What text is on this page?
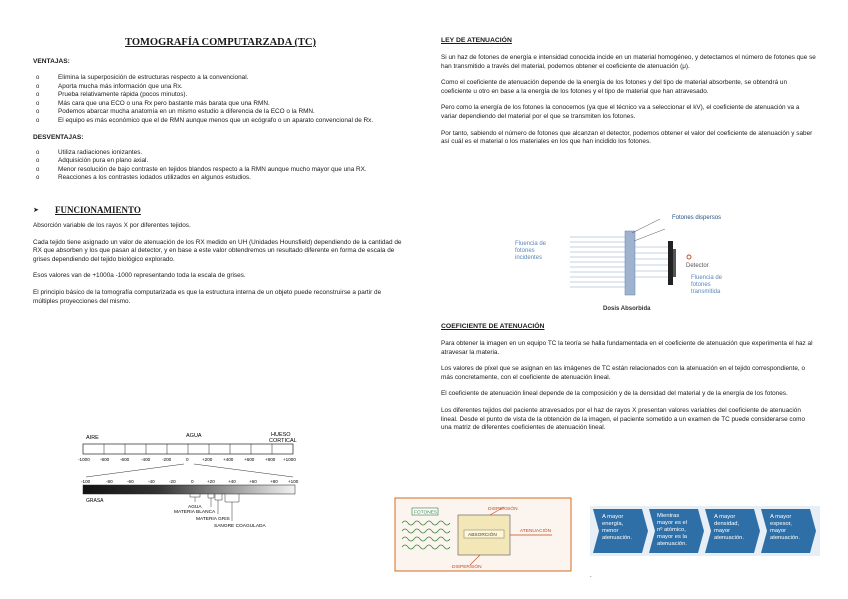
TOMOGRAFÍA COMPUTARZADA (TC)

VENTAJAS:

o Elimina la superposición de estructuras respecto a la convencional.
o Aporta mucha más información que una Rx.
o Prueba relativamente rápida (pocos minutos).
o Más cara que una ECO o una Rx pero bastante más barata que una RMN.
o Podemos abarcar mucha anatomía en un mismo estudio a diferencia de la ECO o la RMN.
o El equipo es más económico que el de RMN aunque menos que un ecógrafo o un aparato convencional de Rx.

DESVENTAJAS:

o Utiliza radiaciones ionizantes.
o Adquisición pura en plano axial.
o Menor resolución de bajo contraste en tejidos blandos respecto a la RMN aunque mucho mayor que una RX.
o Reacciones a los contrastes iodados utilizados en algunos estudios.
➤	FUNCIONAMIENTO

Absorción variable de los rayos X por diferentes tejidos.

Cada tejido tiene asignado un valor de atenuación de los RX medido en UH (Unidades Hounsfield) dependiendo de la cantidad de RX que absorben y los que pasan al detector, y en base a este valor obtendremos un resultado diferente en forma de escala de grises dependiendo del tejido biológico explorado.

Esos valores van de +1000a -1000 representando toda la escala de grises.

El principio básico de la tomografía computarizada es que la estructura interna de un objeto puede reconstruirse a partir de múltiples proyecciones del mismo.

AIRE	AGUA	HUESO
CORTICAL
-1000 -800 -600	-400	-200	0	+200 +400 +600 +800 +1000
-100	-80	-60	-40	-20	0	+20	+40	+60	+80 +100
GRASA
AGUA
MATERIA BLANCA
MATERIA GRIS
SANGRE COAGULADA

LEY DE ATENUACIÓN

Si un haz de fotones de energía e intensidad conocida incide en un material homogéneo, y detectamos el número de fotones que se han transmitido a través del material, podemos obtener el coeficiente de atenuación (μ).

Como el coeficiente de atenuación depende de la energía de los fotones y del tipo de material absorbente, se obtendrá un coeficiente u otro en base a la energía de los fotones y el tipo de material que han atravesado.

Pero como la energía de los fotones la conocemos (ya que el técnico va a seleccionar el kV), el coeficiente de atenuación va a variar dependiendo del material por el que se transmiten los fotones.

Por tanto, sabiendo el número de fotones que alcanzan el detector, podemos obtener el valor del coeficiente de atenuación y saber así cuál es el material o los materiales en los que han incidido los fotones.

Fotones dispersos
Fluencia de
fotones
incidentes
Detector
Fluencia de
fotones
transmitida
Dosis Absorbida

COEFICIENTE DE ATENUACIÓN

Para obtener la imagen en un equipo TC la teoría se halla fundamentada en el coeficiente de atenuación que experimenta el haz al atravesar la materia.

Los valores de píxel que se asignan en las imágenes de TC están relacionados con la atenuación en el tejido correspondiente, o más concretamente, con el coeficiente de atenuación lineal.

El coeficiente de atenuación lineal depende de la composición y de la densidad del material y de la energía de los fotones.

Los diferentes tejidos del paciente atravesados por el haz de rayos X presentan valores variables del coeficiente de atenuación lineal. Desde el punto de vista de la obtención de la imagen, el paciente sometido a un examen de TC puede considerarse como una matriz de diferentes coeficientes de atenuación lineal.

FOTONES
ABSORCIÓN
DISPERSIÓN
ATENUACIÓN
DISPERSIÓN
A mayor energía, menor atenuación.
Mientras mayor es el nº atómico, mayor es la atenuación.
A mayor densidad, mayor atenuación.
A mayor espesor, mayor atenuación.
.
